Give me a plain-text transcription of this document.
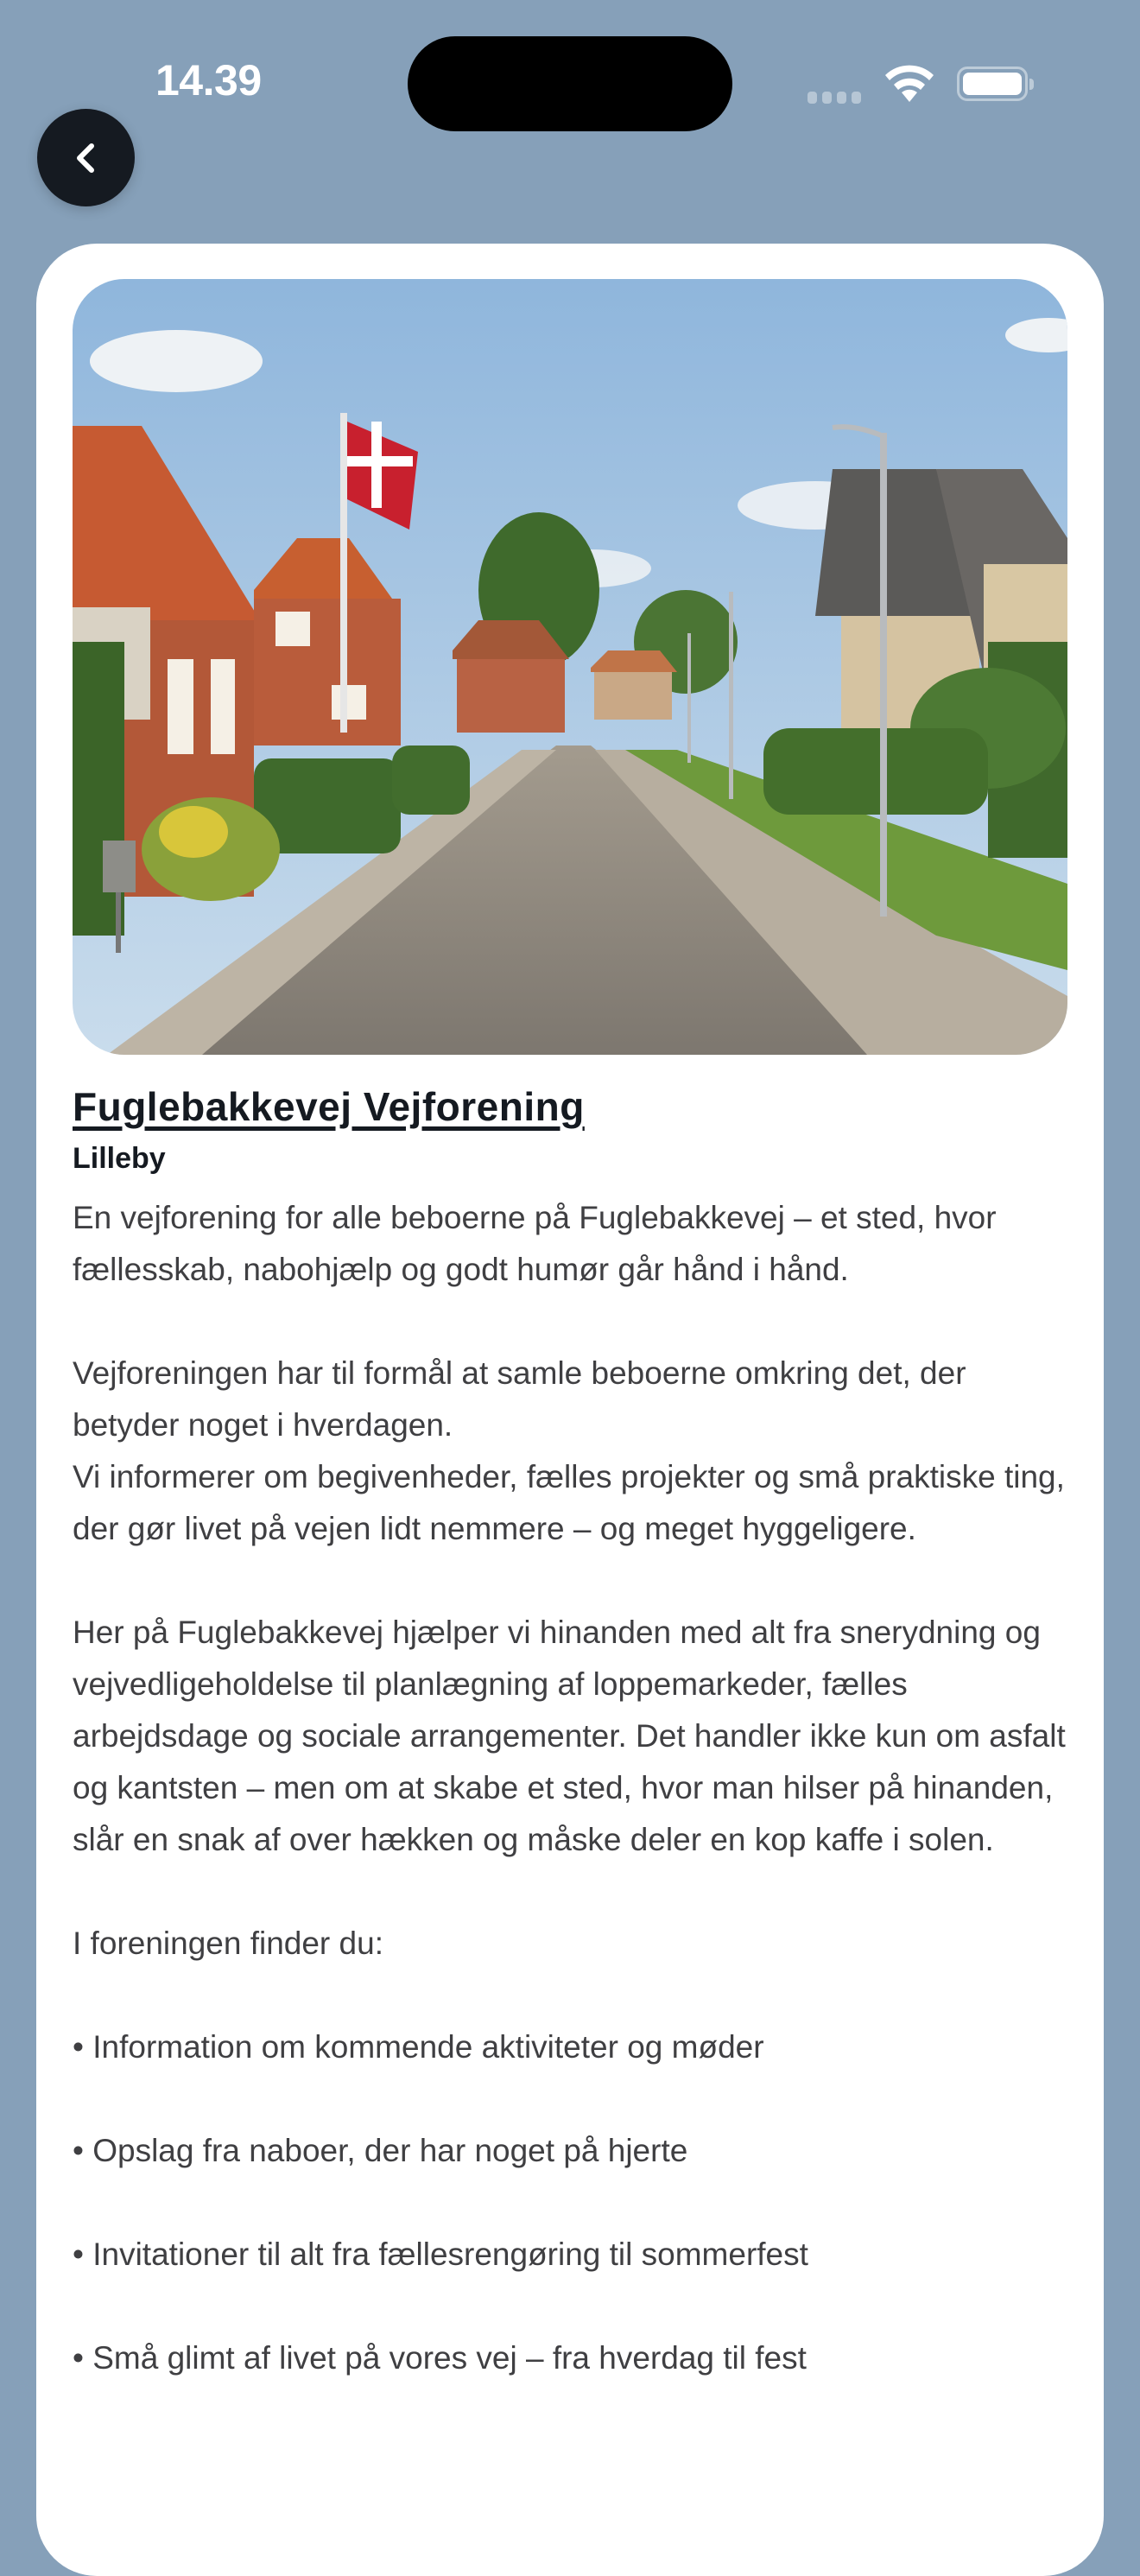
14.39
Fuglebakkevej Vejforening
Lilleby

En vejforening for alle beboerne på Fuglebakkevej – et sted, hvor fællesskab, nabohjælp og godt humør går hånd i hånd.

Vejforeningen har til formål at samle beboerne omkring det, der betyder noget i hverdagen.

Vi informerer om begivenheder, fælles projekter og små praktiske ting, der gør livet på vejen lidt nemmere – og meget hyggeligere.

Her på Fuglebakkevej hjælper vi hinanden med alt fra snerydning og vejvedligeholdelse til planlægning af loppemarkeder, fælles arbejdsdage og sociale arrangementer. Det handler ikke kun om asfalt og kantsten – men om at skabe et sted, hvor man hilser på hinanden, slår en snak af over hækken og måske deler en kop kaffe i solen.

I foreningen finder du:

• Information om kommende aktiviteter og møder

• Opslag fra naboer, der har noget på hjerte

• Invitationer til alt fra fællesrengøring til sommerfest

• Små glimt af livet på vores vej – fra hverdag til fest
